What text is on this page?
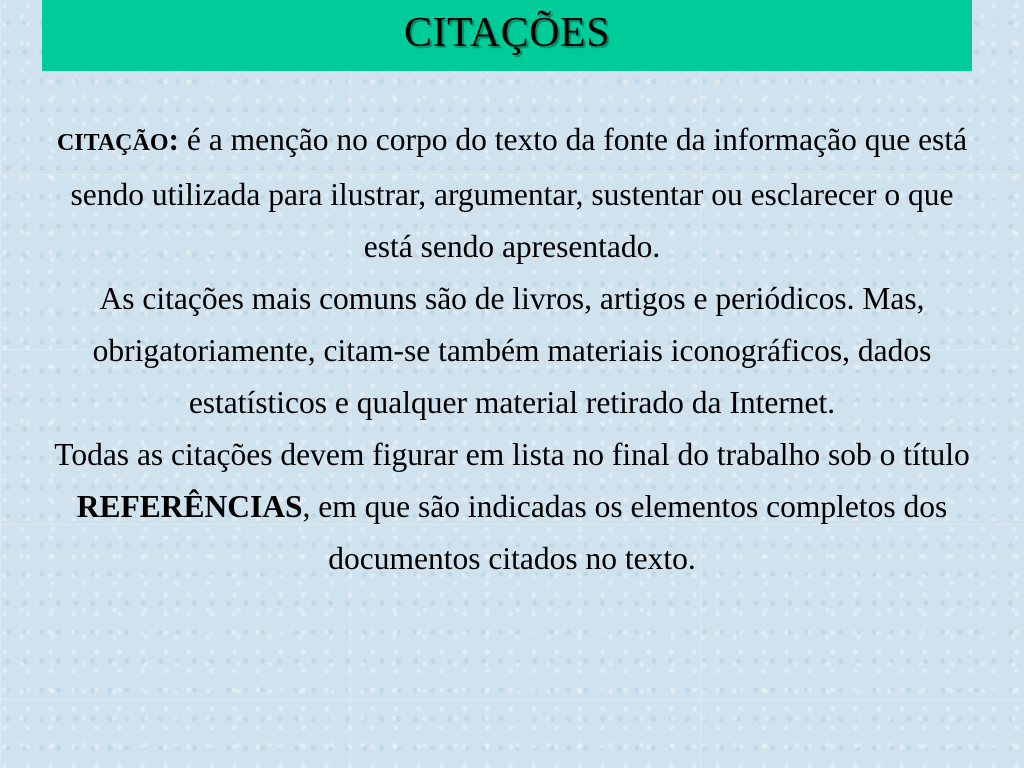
CITAÇÕES

CITAÇÃO: é a menção no corpo do texto da fonte da informação que está sendo utilizada para ilustrar, argumentar, sustentar ou esclarecer o que está sendo apresentado.

As citações mais comuns são de livros, artigos e periódicos. Mas, obrigatoriamente, citam-se também materiais iconográficos, dados estatísticos e qualquer material retirado da Internet.

Todas as citações devem figurar em lista no final do trabalho sob o título REFERÊNCIAS, em que são indicadas os elementos completos dos documentos citados no texto.
